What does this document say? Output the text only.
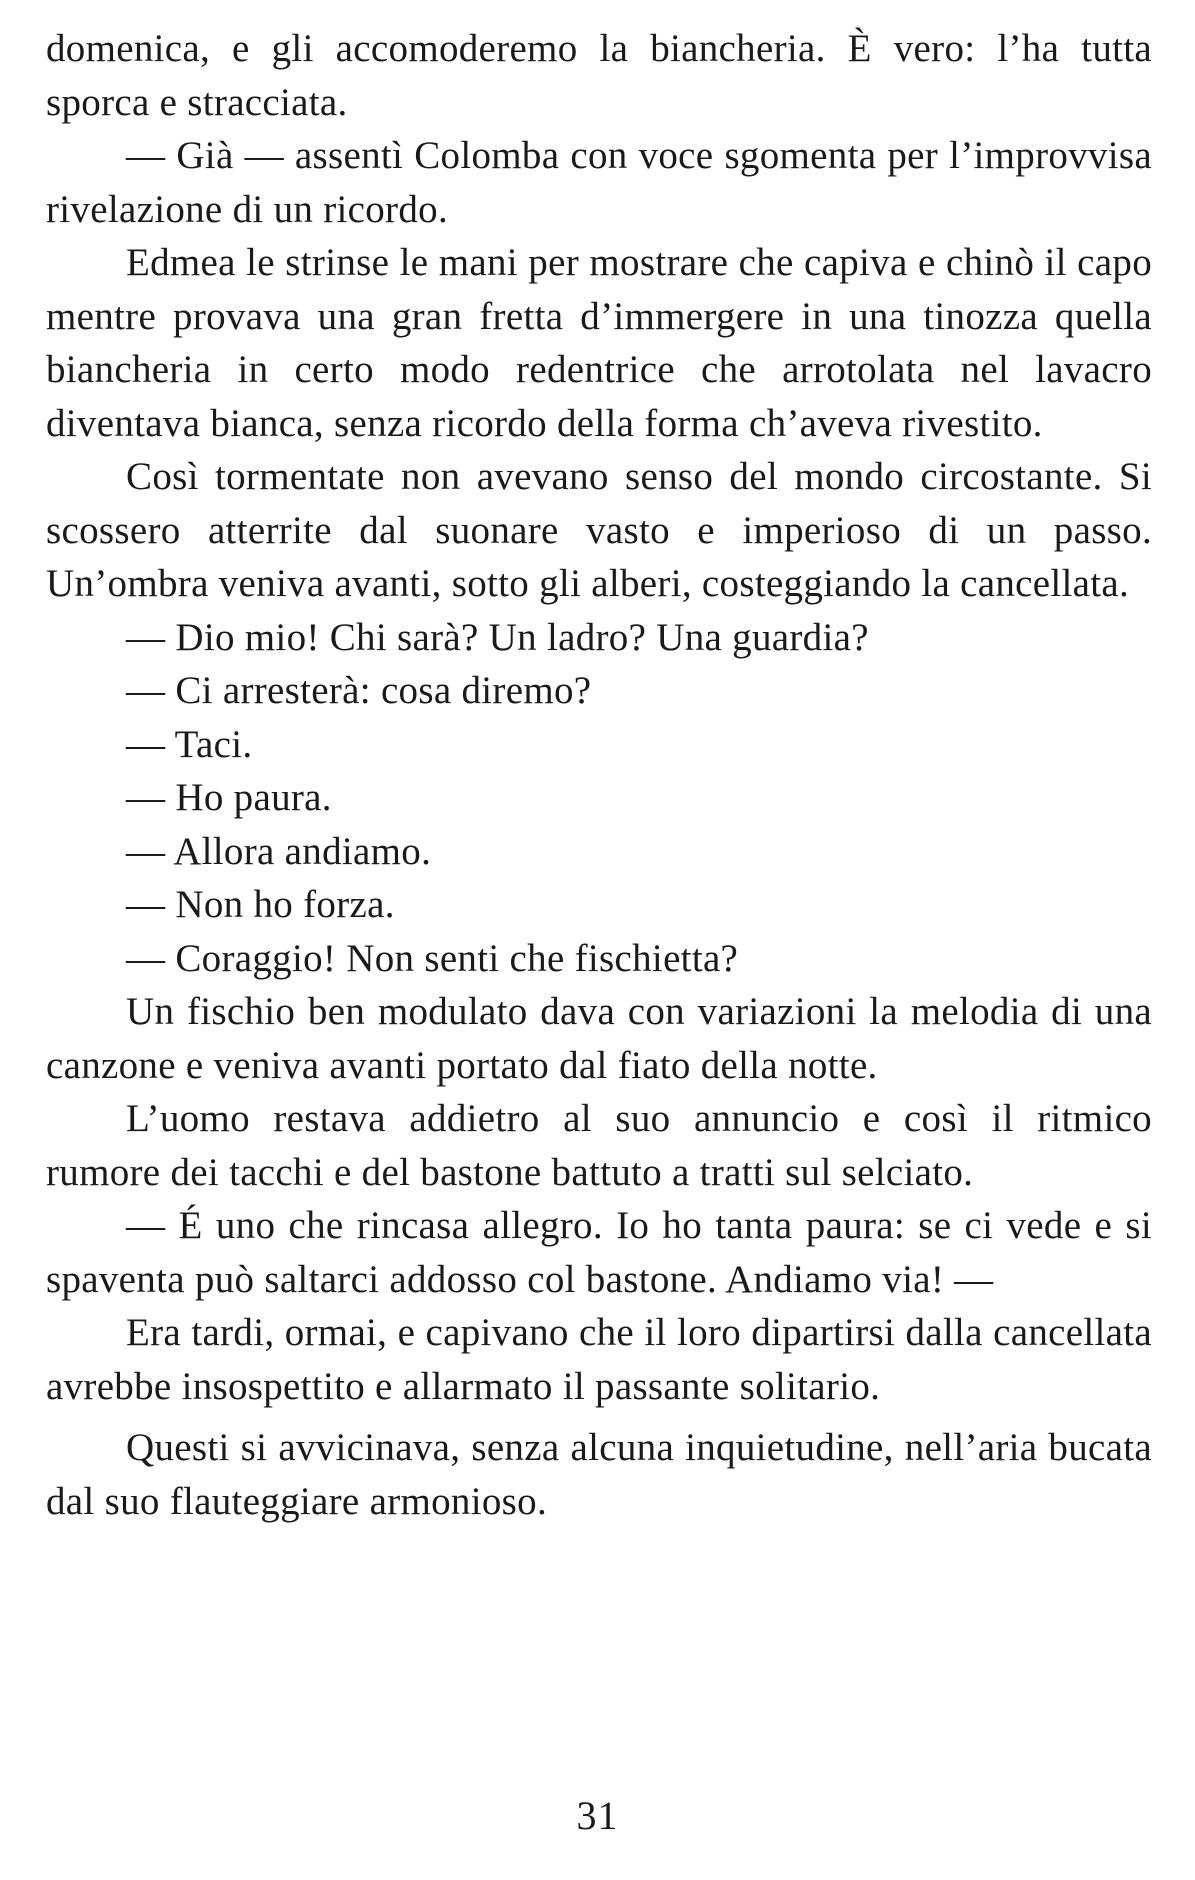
domenica, e gli accomoderemo la biancheria. È vero: l’ha tutta sporca e stracciata.

— Già — assentì Colomba con voce sgomenta per l’improvvisa rivelazione di un ricordo.

Edmea le strinse le mani per mostrare che capiva e chinò il capo mentre provava una gran fretta d’immergere in una tinozza quella biancheria in certo modo redentrice che arrotolata nel lavacro diventava bianca, senza ricordo della forma ch’aveva rivestito.

Così tormentate non avevano senso del mondo circostante. Si scossero atterrite dal suonare vasto e imperioso di un passo. Un’ombra veniva avanti, sotto gli alberi, costeggiando la cancellata.

— Dio mio! Chi sarà? Un ladro? Una guardia?

— Ci arresterà: cosa diremo?

— Taci.

— Ho paura.

— Allora andiamo.

— Non ho forza.

— Coraggio! Non senti che fischietta?

Un fischio ben modulato dava con variazioni la melodia di una canzone e veniva avanti portato dal fiato della notte.

L’uomo restava addietro al suo annuncio e così il ritmico rumore dei tacchi e del bastone battuto a tratti sul selciato.

— É uno che rincasa allegro. Io ho tanta paura: se ci vede e si spaventa può saltarci addosso col bastone. Andiamo via! —

Era tardi, ormai, e capivano che il loro dipartirsi dalla cancellata avrebbe insospettito e allarmato il passante solitario.

Questi si avvicinava, senza alcuna inquietudine, nell’aria bucata dal suo flauteggiare armonioso.

31
